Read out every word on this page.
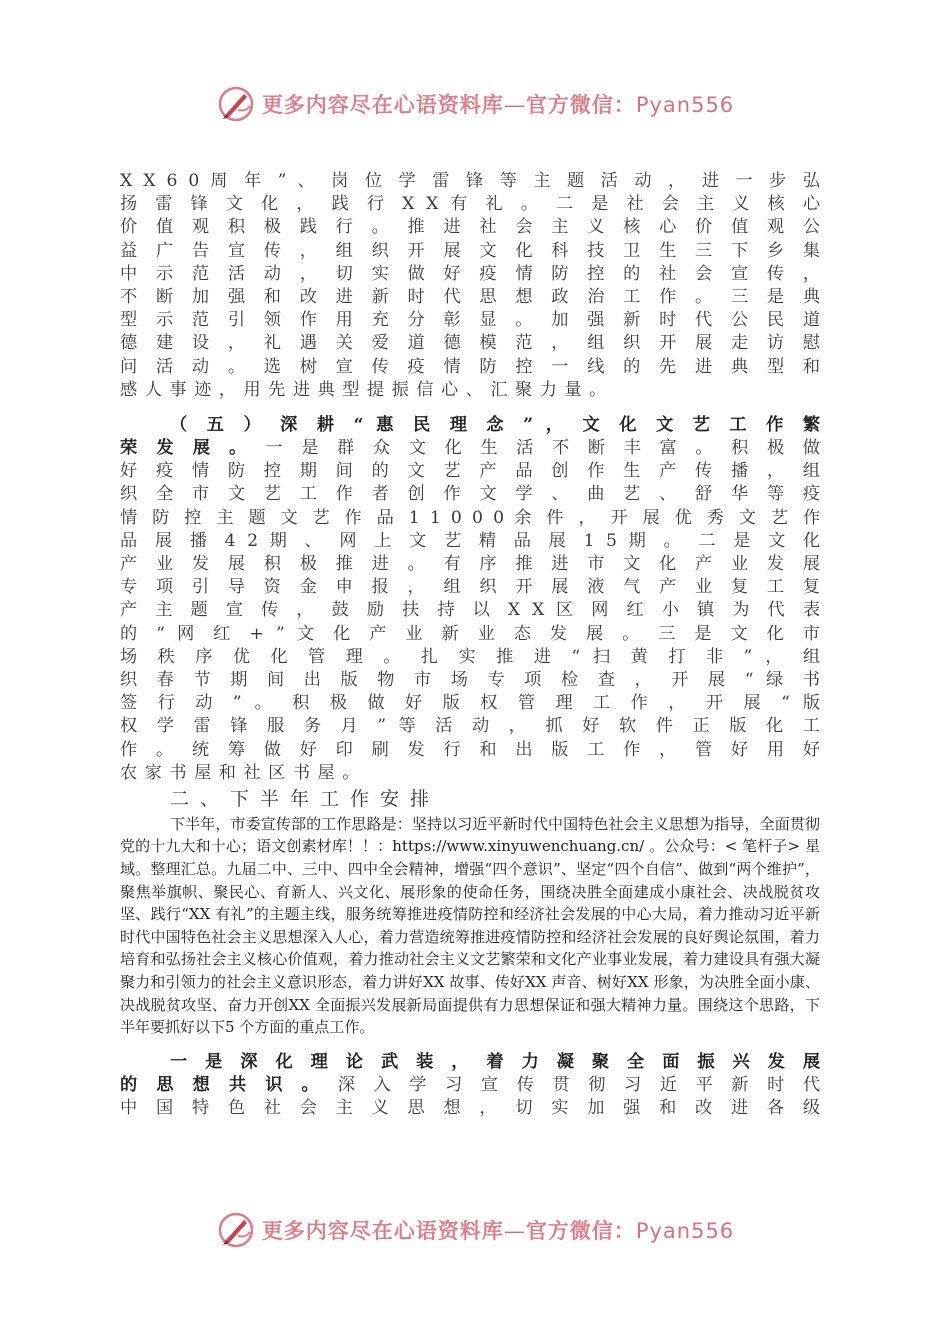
更多内容尽在心语资料库—官方微信：Pyan556
X X 6 0 周 年 ” 、 岗 位 学 雷 锋 等 主 题 活 动 ， 进 一 步 弘
扬 雷 锋 文 化 ， 践 行 X X 有 礼 。 二 是 社 会 主 义 核 心
价 值 观 积 极 践 行 。 推 进 社 会 主 义 核 心 价 值 观 公
益 广 告 宣 传 ， 组 织 开 展 文 化 科 技 卫 生 三 下 乡 集
中 示 范 活 动 ， 切 实 做 好 疫 情 防 控 的 社 会 宣 传 ，
不 断 加 强 和 改 进 新 时 代 思 想 政 治 工 作 。 三 是 典
型 示 范 引 领 作 用 充 分 彰 显 。 加 强 新 时 代 公 民 道
德 建 设 ， 礼 遇 关 爱 道 德 模 范 ， 组 织 开 展 走 访 慰
问 活 动 。 选 树 宣 传 疫 情 防 控 一 线 的 先 进 典 型 和
感人事迹，用先进典型提振信心、汇聚力量。
（ 五 ） 深 耕 “ 惠 民 理 念 ” ， 文 化 文 艺 工 作 繁
荣 发 展 。 一 是 群 众 文 化 生 活 不 断 丰 富 。 积 极 做
好 疫 情 防 控 期 间 的 文 艺 产 品 创 作 生 产 传 播 ， 组
织 全 市 文 艺 工 作 者 创 作 文 学 、 曲 艺 、 舒 华 等 疫
情 防 控 主 题 文 艺 作 品 1 1 0 0 0 余 件 ， 开 展 优 秀 文 艺 作
品 展 播 4 2 期 、 网 上 文 艺 精 品 展 1 5 期 。 二 是 文 化
产 业 发 展 积 极 推 进 。 有 序 推 进 市 文 化 产 业 发 展
专 项 引 导 资 金 申 报 ， 组 织 开 展 液 气 产 业 复 工 复
产 主 题 宣 传 ， 鼓 励 扶 持 以 X X 区 网 红 小 镇 为 代 表
的 “ 网 红 + ” 文 化 产 业 新 业 态 发 展 。 三 是 文 化 市
场 秩 序 优 化 管 理 。 扎 实 推 进 “ 扫 黄 打 非 ” ， 组
织 春 节 期 间 出 版 物 市 场 专 项 检 查 ， 开 展 “ 绿 书
签 行 动 ” 。 积 极 做 好 版 权 管 理 工 作 ， 开 展 “ 版
权 学 雷 锋 服 务 月 ” 等 活 动 ， 抓 好 软 件 正 版 化 工
作 。 统 筹 做 好 印 刷 发 行 和 出 版 工 作 ， 管 好 用 好
农家书屋和社区书屋。
二、下半年工作安排

下半年，市委宣传部的工作思路是：坚持以习近平新时代中国特色社会主义思想为指导，全面贯彻党的十九大和十心；语文创素材库！！：https://www.xinyuwenchuang.cn/ 。公众号：< 笔杆子> 星域。整理汇总。九届二中、三中、四中全会精神，增强“四个意识”、坚定“四个自信”、做到“两个维护”，聚焦举旗帜、聚民心、育新人、兴文化、展形象的使命任务，围绕决胜全面建成小康社会、决战脱贫攻坚、践行“XX 有礼”的主题主线，服务统筹推进疫情防控和经济社会发展的中心大局，着力推动习近平新时代中国特色社会主义思想深入人心，着力营造统筹推进疫情防控和经济社会发展的良好舆论氛围，着力培育和弘扬社会主义核心价值观，着力推动社会主义文艺繁荣和文化产业事业发展，着力建设具有强大凝聚力和引领力的社会主义意识形态，着力讲好XX 故事、传好XX 声音、树好XX 形象，为决胜全面小康、决战脱贫攻坚、奋力开创XX 全面振兴发展新局面提供有力思想保证和强大精神力量。围绕这个思路，下半年要抓好以下5 个方面的重点工作。

一 是 深 化 理 论 武 装 ， 着 力 凝 聚 全 面 振 兴 发 展
的 思 想 共 识 。 深 入 学 习 宣 传 贯 彻 习 近 平 新 时 代
中 国 特 色 社 会 主 义 思 想 ， 切 实 加 强 和 改 进 各 级
更多内容尽在心语资料库—官方微信：Pyan556
